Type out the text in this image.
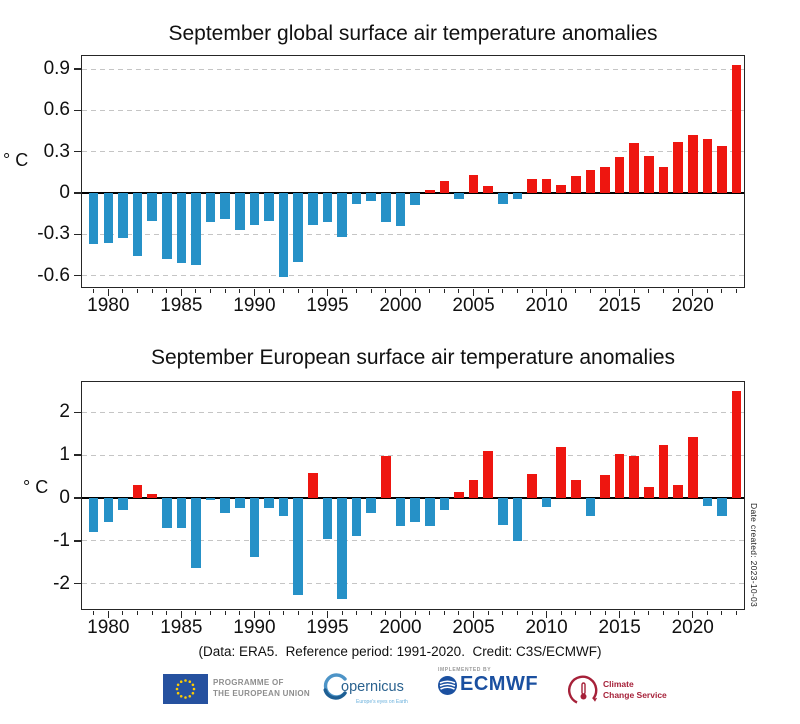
September global surface air temperature anomalies
September European surface air temperature anomalies
° C
° C
(Data: ERA5.  Reference period: 1991-2020.  Credit: C3S/ECMWF)
Date created: 2023-10-03
PROGRAMME OF
THE EUROPEAN UNION opernicus
Europe's eyes on Earth
IMPLEMENTED BY
ECMWF	Climate
Change Service
0.9
0.6
0.3
0
-0.3
-0.6
1980	1985	1990	1995	2000	2005	2010	2015	2020
2
1
0
-1
-2
1980	1985	1990	1995	2000	2005	2010	2015	2020
